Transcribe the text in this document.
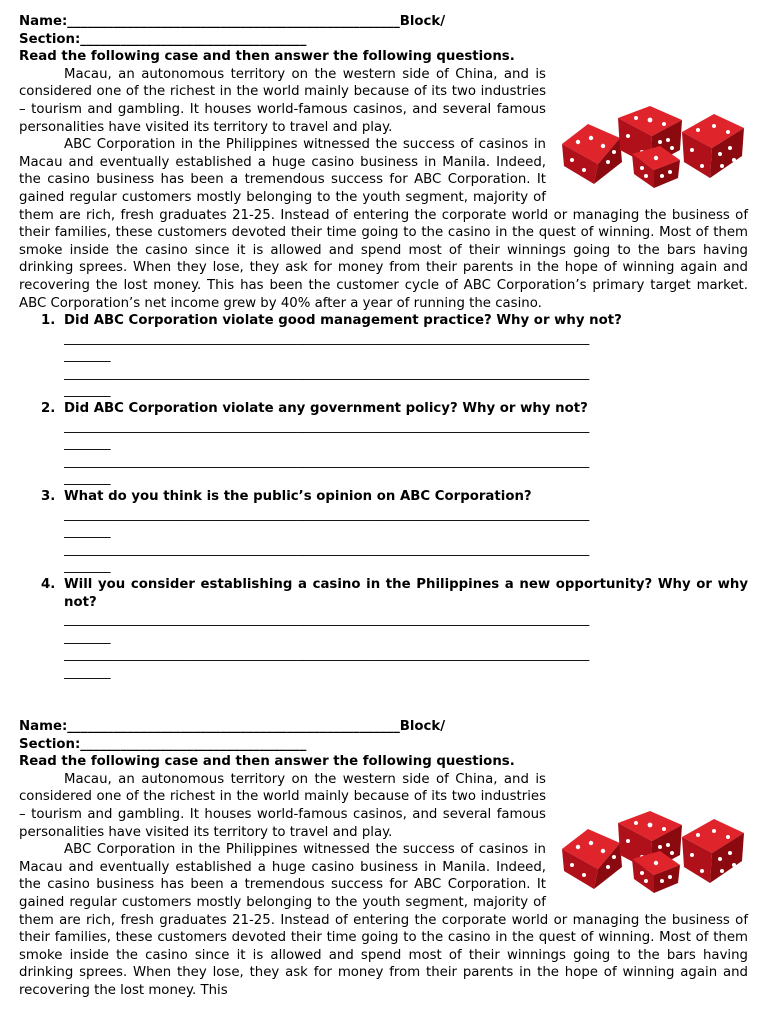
Name:__________________________________________________Block/
Section:__________________________________
Read the following case and then answer the following questions.
Macau, an autonomous territory on the western side of China, and is considered one of the richest in the world mainly because of its two industries – tourism and gambling. It houses world-famous casinos, and several famous personalities have visited its territory to travel and play.
ABC Corporation in the Philippines witnessed the success of casinos in Macau and eventually established a huge casino business in Manila. Indeed, the casino business has been a tremendous success for ABC Corporation. It gained regular customers mostly belonging to the youth segment, majority of them are rich, fresh graduates 21-25. Instead of entering the corporate world or managing the business of their families, these customers devoted their time going to the casino in the quest of winning. Most of them smoke inside the casino since it is allowed and spend most of their winnings going to the bars having drinking sprees. When they lose, they ask for money from their parents in the hope of winning again and recovering the lost money. This has been the customer cycle of ABC Corporation’s primary target market. ABC Corporation’s net income grew by 40% after a year of running the casino.
1. Did ABC Corporation violate good management practice? Why or why not?
_______________________________________________________________________________
_______
_______________________________________________________________________________
_______
2. Did ABC Corporation violate any government policy? Why or why not?
_______________________________________________________________________________
_______
_______________________________________________________________________________
_______
3. What do you think is the public’s opinion on ABC Corporation?
_______________________________________________________________________________
_______
_______________________________________________________________________________
_______
4. Will you consider establishing a casino in the Philippines a new opportunity? Why or why not?
_______________________________________________________________________________
_______
_______________________________________________________________________________
_______
Name:__________________________________________________Block/
Section:__________________________________
Read the following case and then answer the following questions.
Macau, an autonomous territory on the western side of China, and is considered one of the richest in the world mainly because of its two industries – tourism and gambling. It houses world-famous casinos, and several famous personalities have visited its territory to travel and play.
ABC Corporation in the Philippines witnessed the success of casinos in Macau and eventually established a huge casino business in Manila. Indeed, the casino business has been a tremendous success for ABC Corporation. It gained regular customers mostly belonging to the youth segment, majority of them are rich, fresh graduates 21-25. Instead of entering the corporate world or managing the business of their families, these customers devoted their time going to the casino in the quest of winning. Most of them smoke inside the casino since it is allowed and spend most of their winnings going to the bars having drinking sprees. When they lose, they ask for money from their parents in the hope of winning again and recovering the lost money. This
